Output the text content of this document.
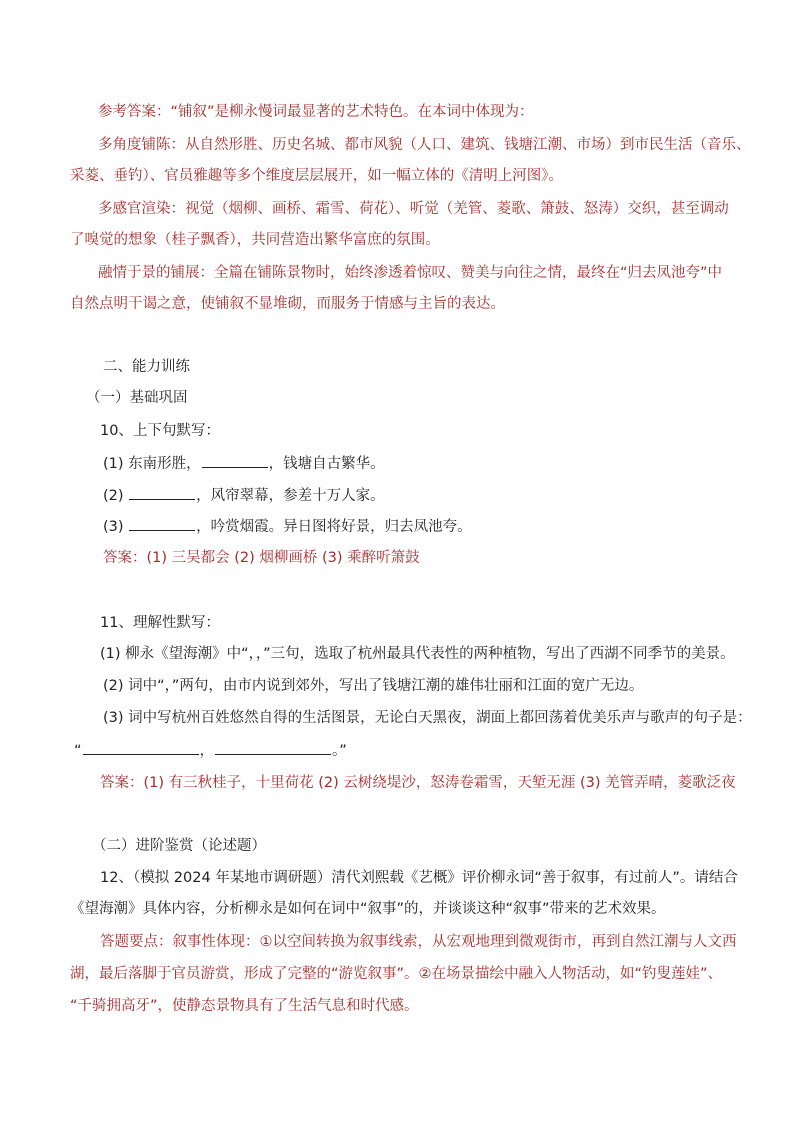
参考答案：“铺叙”是柳永慢词最显著的艺术特色。在本词中体现为：
多角度铺陈：从自然形胜、历史名城、都市风貌（人口、建筑、钱塘江潮、市场）到市民生活（音乐、
采菱、垂钓）、官员雅趣等多个维度层层展开，如一幅立体的《清明上河图》。
多感官渲染：视觉（烟柳、画桥、霜雪、荷花）、听觉（羌管、菱歌、箫鼓、怒涛）交织，甚至调动
了嗅觉的想象（桂子飘香），共同营造出繁华富庶的氛围。
融情于景的铺展：全篇在铺陈景物时，始终渗透着惊叹、赞美与向往之情，最终在“归去凤池夸”中
自然点明干谒之意，使铺叙不显堆砌，而服务于情感与主旨的表达。
二、能力训练
（一）基础巩固
10、上下句默写：
(1) 东南形胜，	，钱塘自古繁华。
(2)	，风帘翠幕，参差十万人家。
(3)	，吟赏烟霞。异日图将好景，归去凤池夸。
答案：(1) 三吴都会 (2) 烟柳画桥 (3) 乘醉听箫鼓
11、理解性默写：
(1) 柳永《望海潮》中“，，”三句，选取了杭州最具代表性的两种植物，写出了西湖不同季节的美景。
(2) 词中“，”两句，由市内说到郊外，写出了钱塘江潮的雄伟壮丽和江面的宽广无边。
(3) 词中写杭州百姓悠然自得的生活图景，无论白天黑夜，湖面上都回荡着优美乐声与歌声的句子是：
“	，	。”
答案：(1) 有三秋桂子，十里荷花 (2) 云树绕堤沙，怒涛卷霜雪，天堑无涯 (3) 羌管弄晴，菱歌泛夜
（二）进阶鉴赏（论述题）
12、（模拟 2024 年某地市调研题）清代刘熙载《艺概》评价柳永词“善于叙事，有过前人”。请结合
《望海潮》具体内容，分析柳永是如何在词中“叙事”的，并谈谈这种“叙事”带来的艺术效果。
答题要点：叙事性体现：①以空间转换为叙事线索，从宏观地理到微观街市，再到自然江潮与人文西
湖，最后落脚于官员游赏，形成了完整的“游览叙事”。②在场景描绘中融入人物活动，如“钓叟莲娃”、
“千骑拥高牙”，使静态景物具有了生活气息和时代感。
